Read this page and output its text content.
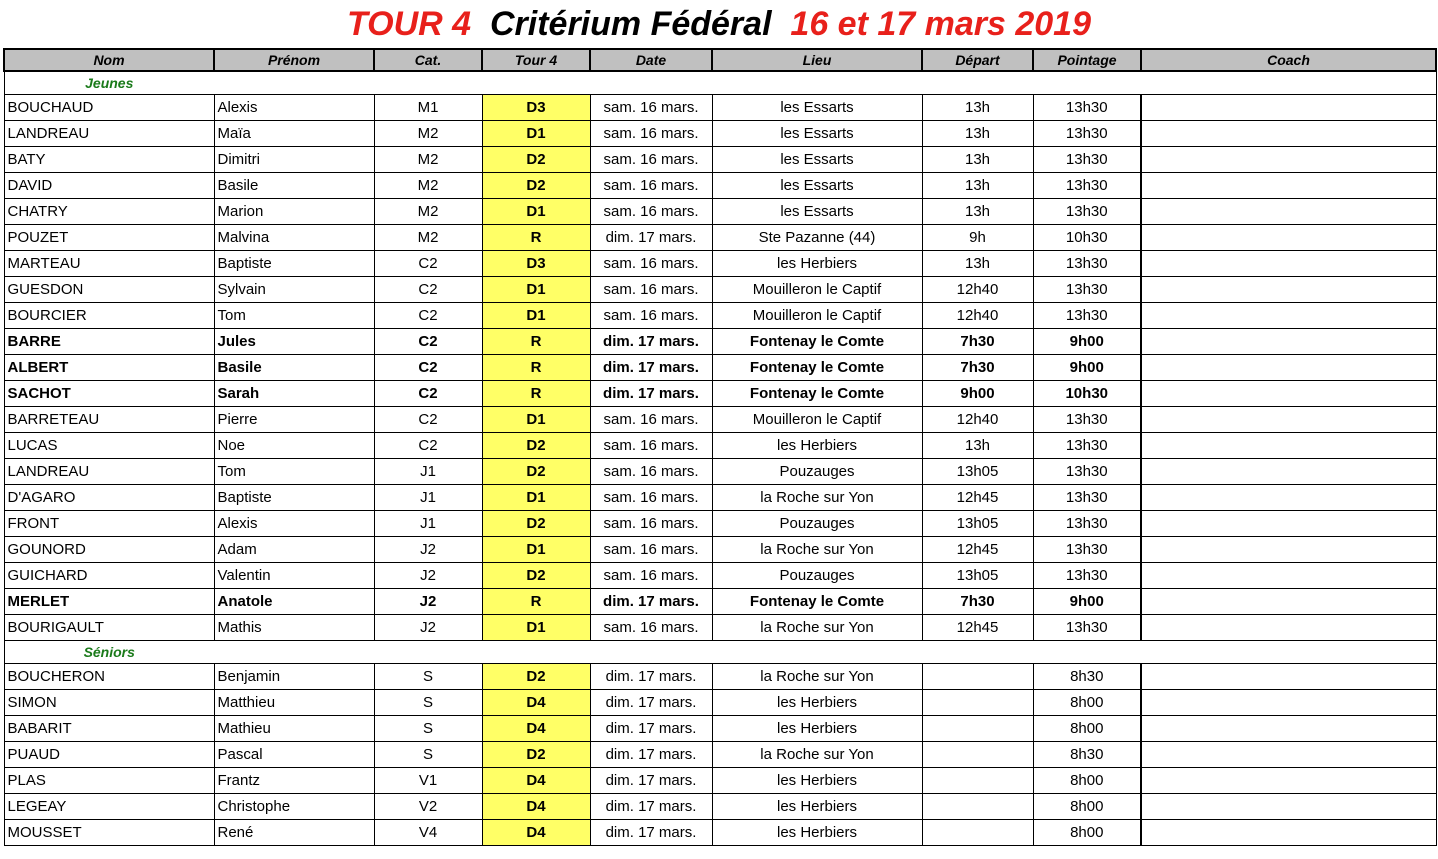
TOUR 4 Critérium Fédéral 16 et 17 mars 2019
Nom	Prénom	Cat.	Tour 4	Date	Lieu	Départ	Pointage	Coach
Jeunes								
BOUCHAUD	Alexis	M1	D3	sam. 16 mars.	les Essarts	13h	13h30	
LANDREAU	Maïa	M2	D1	sam. 16 mars.	les Essarts	13h	13h30	
BATY	Dimitri	M2	D2	sam. 16 mars.	les Essarts	13h	13h30	
DAVID	Basile	M2	D2	sam. 16 mars.	les Essarts	13h	13h30	
CHATRY	Marion	M2	D1	sam. 16 mars.	les Essarts	13h	13h30	
POUZET	Malvina	M2	R	dim. 17 mars.	Ste Pazanne (44)	9h	10h30	
MARTEAU	Baptiste	C2	D3	sam. 16 mars.	les Herbiers	13h	13h30	
GUESDON	Sylvain	C2	D1	sam. 16 mars.	Mouilleron le Captif	12h40	13h30	
BOURCIER	Tom	C2	D1	sam. 16 mars.	Mouilleron le Captif	12h40	13h30	
BARRE	Jules	C2	R	dim. 17 mars.	Fontenay le Comte	7h30	9h00	
ALBERT	Basile	C2	R	dim. 17 mars.	Fontenay le Comte	7h30	9h00	
SACHOT	Sarah	C2	R	dim. 17 mars.	Fontenay le Comte	9h00	10h30	
BARRETEAU	Pierre	C2	D1	sam. 16 mars.	Mouilleron le Captif	12h40	13h30	
LUCAS	Noe	C2	D2	sam. 16 mars.	les Herbiers	13h	13h30	
LANDREAU	Tom	J1	D2	sam. 16 mars.	Pouzauges	13h05	13h30	
D'AGARO	Baptiste	J1	D1	sam. 16 mars.	la Roche sur Yon	12h45	13h30	
FRONT	Alexis	J1	D2	sam. 16 mars.	Pouzauges	13h05	13h30	
GOUNORD	Adam	J2	D1	sam. 16 mars.	la Roche sur Yon	12h45	13h30	
GUICHARD	Valentin	J2	D2	sam. 16 mars.	Pouzauges	13h05	13h30	
MERLET	Anatole	J2	R	dim. 17 mars.	Fontenay le Comte	7h30	9h00	
BOURIGAULT	Mathis	J2	D1	sam. 16 mars.	la Roche sur Yon	12h45	13h30	
Séniors								
BOUCHERON	Benjamin	S	D2	dim. 17 mars.	la Roche sur Yon		8h30	
SIMON	Matthieu	S	D4	dim. 17 mars.	les Herbiers		8h00	
BABARIT	Mathieu	S	D4	dim. 17 mars.	les Herbiers		8h00	
PUAUD	Pascal	S	D2	dim. 17 mars.	la Roche sur Yon		8h30	
PLAS	Frantz	V1	D4	dim. 17 mars.	les Herbiers		8h00	
LEGEAY	Christophe	V2	D4	dim. 17 mars.	les Herbiers		8h00	
MOUSSET	René	V4	D4	dim. 17 mars.	les Herbiers		8h00	
